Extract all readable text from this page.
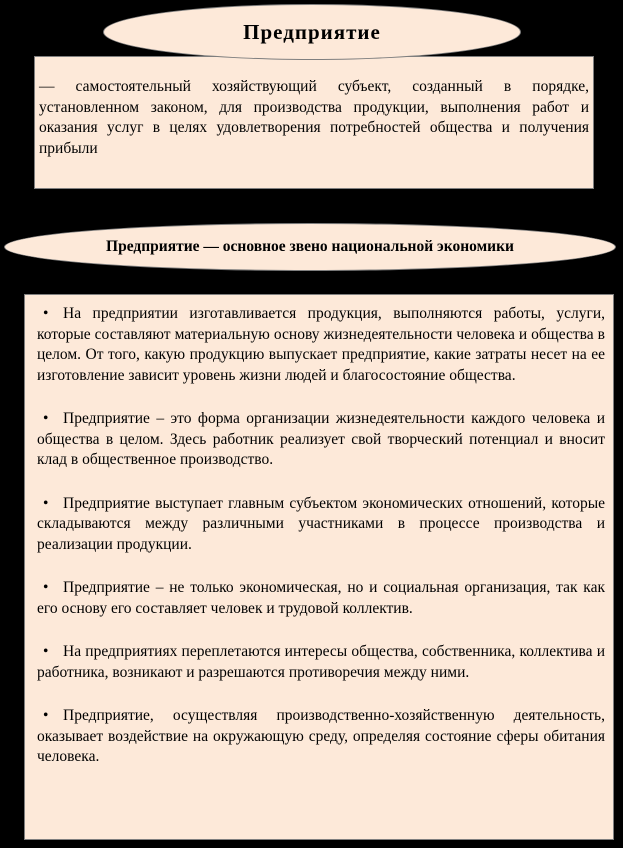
Предприятие

— самостоятельный хозяйствующий субъект, созданный в порядке, установленном законом, для производства продукции, выполнения работ и оказания услуг в целях удовлетворения потребностей общества и получения прибыли

Предприятие — основное звено национальной экономики

• На предприятии изготавливается продукция, выполняются работы, услуги, которые составляют материальную основу жизнедеятельности человека и общества в целом. От того, какую продукцию выпускает предприятие, какие затраты несет на ее изготовление зависит уровень жизни людей и благосостояние общества.

• Предприятие – это форма организации жизнедеятельности каждого человека и общества в целом. Здесь работник реализует свой творческий потенциал и вносит клад в общественное производство.

• Предприятие выступает главным субъектом экономических отношений, которые складываются между различными участниками в процессе производства и реализации продукции.

• Предприятие – не только экономическая, но и социальная организация, так как его основу его составляет человек и трудовой коллектив.

• На предприятиях переплетаются интересы общества, собственника, коллектива и работника, возникают и разрешаются противоречия между ними.

• Предприятие, осуществляя производственно-хозяйственную деятельность, оказывает воздействие на окружающую среду, определяя состояние сферы обитания человека.
